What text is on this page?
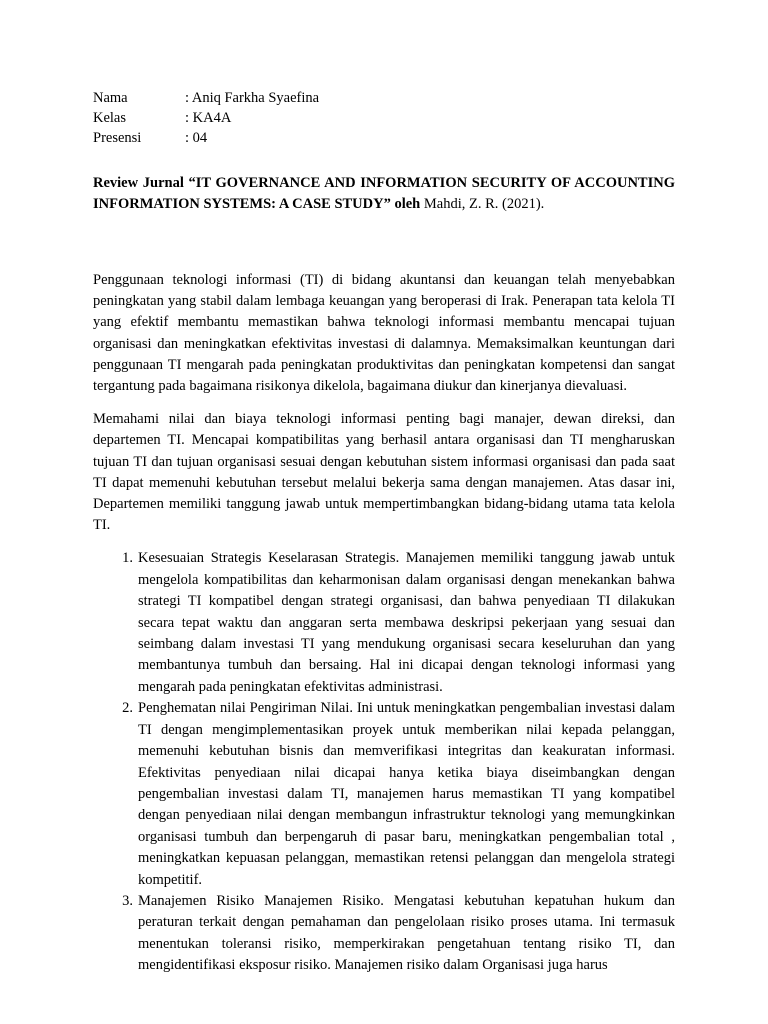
Nama	: Aniq Farkha Syaefina
Kelas	: KA4A
Presensi	: 04
Review Jurnal “IT GOVERNANCE AND INFORMATION SECURITY OF ACCOUNTING INFORMATION SYSTEMS: A CASE STUDY” oleh Mahdi, Z. R. (2021).

Penggunaan teknologi informasi (TI) di bidang akuntansi dan keuangan telah menyebabkan peningkatan yang stabil dalam lembaga keuangan yang beroperasi di Irak. Penerapan tata kelola TI yang efektif membantu memastikan bahwa teknologi informasi membantu mencapai tujuan organisasi dan meningkatkan efektivitas investasi di dalamnya. Memaksimalkan keuntungan dari penggunaan TI mengarah pada peningkatan produktivitas dan peningkatan kompetensi dan sangat tergantung pada bagaimana risikonya dikelola, bagaimana diukur dan kinerjanya dievaluasi.

Memahami nilai dan biaya teknologi informasi penting bagi manajer, dewan direksi, dan departemen TI. Mencapai kompatibilitas yang berhasil antara organisasi dan TI mengharuskan tujuan TI dan tujuan organisasi sesuai dengan kebutuhan sistem informasi organisasi dan pada saat TI dapat memenuhi kebutuhan tersebut melalui bekerja sama dengan manajemen. Atas dasar ini, Departemen memiliki tanggung jawab untuk mempertimbangkan bidang-bidang utama tata kelola TI.

1. Kesesuaian Strategis Keselarasan Strategis. Manajemen memiliki tanggung jawab untuk mengelola kompatibilitas dan keharmonisan dalam organisasi dengan menekankan bahwa strategi TI kompatibel dengan strategi organisasi, dan bahwa penyediaan TI dilakukan secara tepat waktu dan anggaran serta membawa deskripsi pekerjaan yang sesuai dan seimbang dalam investasi TI yang mendukung organisasi secara keseluruhan dan yang membantunya tumbuh dan bersaing. Hal ini dicapai dengan teknologi informasi yang mengarah pada peningkatan efektivitas administrasi.
2. Penghematan nilai Pengiriman Nilai. Ini untuk meningkatkan pengembalian investasi dalam TI dengan mengimplementasikan proyek untuk memberikan nilai kepada pelanggan, memenuhi kebutuhan bisnis dan memverifikasi integritas dan keakuratan informasi. Efektivitas penyediaan nilai dicapai hanya ketika biaya diseimbangkan dengan pengembalian investasi dalam TI, manajemen harus memastikan TI yang kompatibel dengan penyediaan nilai dengan membangun infrastruktur teknologi yang memungkinkan organisasi tumbuh dan berpengaruh di pasar baru, meningkatkan pengembalian total , meningkatkan kepuasan pelanggan, memastikan retensi pelanggan dan mengelola strategi kompetitif.
3. Manajemen Risiko Manajemen Risiko. Mengatasi kebutuhan kepatuhan hukum dan peraturan terkait dengan pemahaman dan pengelolaan risiko proses utama. Ini termasuk menentukan toleransi risiko, memperkirakan pengetahuan tentang risiko TI, dan mengidentifikasi eksposur risiko. Manajemen risiko dalam Organisasi juga harus
